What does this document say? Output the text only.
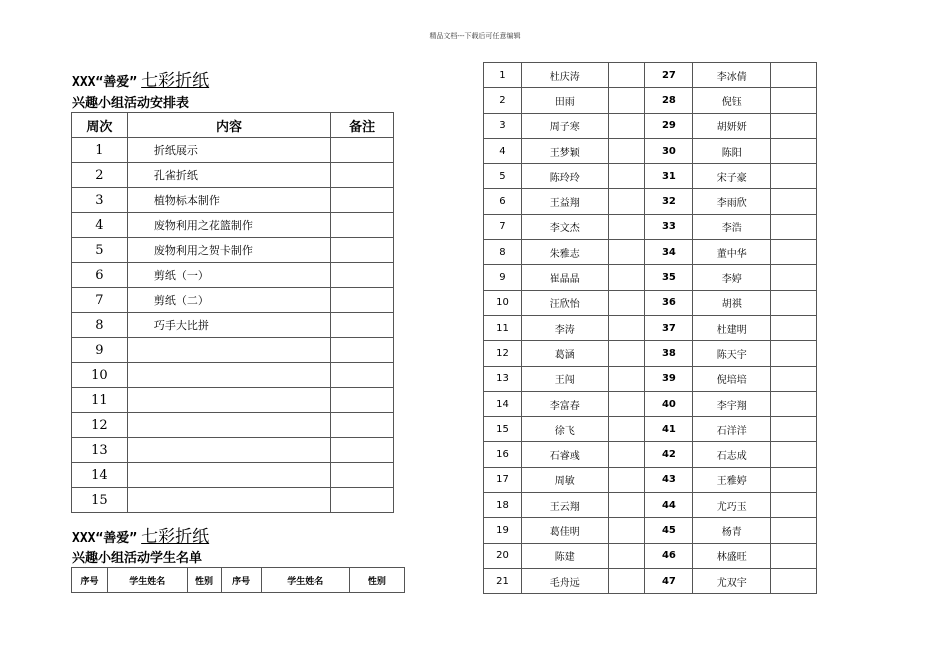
精品文档---下载后可任意编辑
XXX“善爱” 七彩折纸
兴趣小组活动安排表
周次	内容	备注
1	折纸展示	
2	孔雀折纸	
3	植物标本制作	
4	废物利用之花篮制作	
5	废物利用之贺卡制作	
6	剪纸（一）	
7	剪纸（二）	
8	巧手大比拼	
9		
10		
11		
12		
13		
14		
15		
XXX“善爱” 七彩折纸
兴趣小组活动学生名单
序号	学生姓名	性别	序号	学生姓名	性别
1	杜庆涛		27	李冰倩	
2	田雨		28	倪钰	
3	周子寒		29	胡妍妍	
4	王梦颖		30	陈阳	
5	陈玲玲		31	宋子豪	
6	王益翔		32	李雨欣	
7	李文杰		33	李浩	
8	朱雅志		34	董中华	
9	崔晶晶		35	李婷	
10	汪欣怡		36	胡祺	
11	李涛		37	杜建明	
12	葛涵		38	陈天宇	
13	王闯		39	倪培培	
14	李富春		40	李宇翔	
15	徐飞		41	石洋洋	
16	石睿彧		42	石志成	
17	周敏		43	王雅婷	
18	王云翔		44	尤巧玉	
19	葛佳明		45	杨青	
20	陈建		46	林盛旺	
21	毛舟远		47	尤双宇	
